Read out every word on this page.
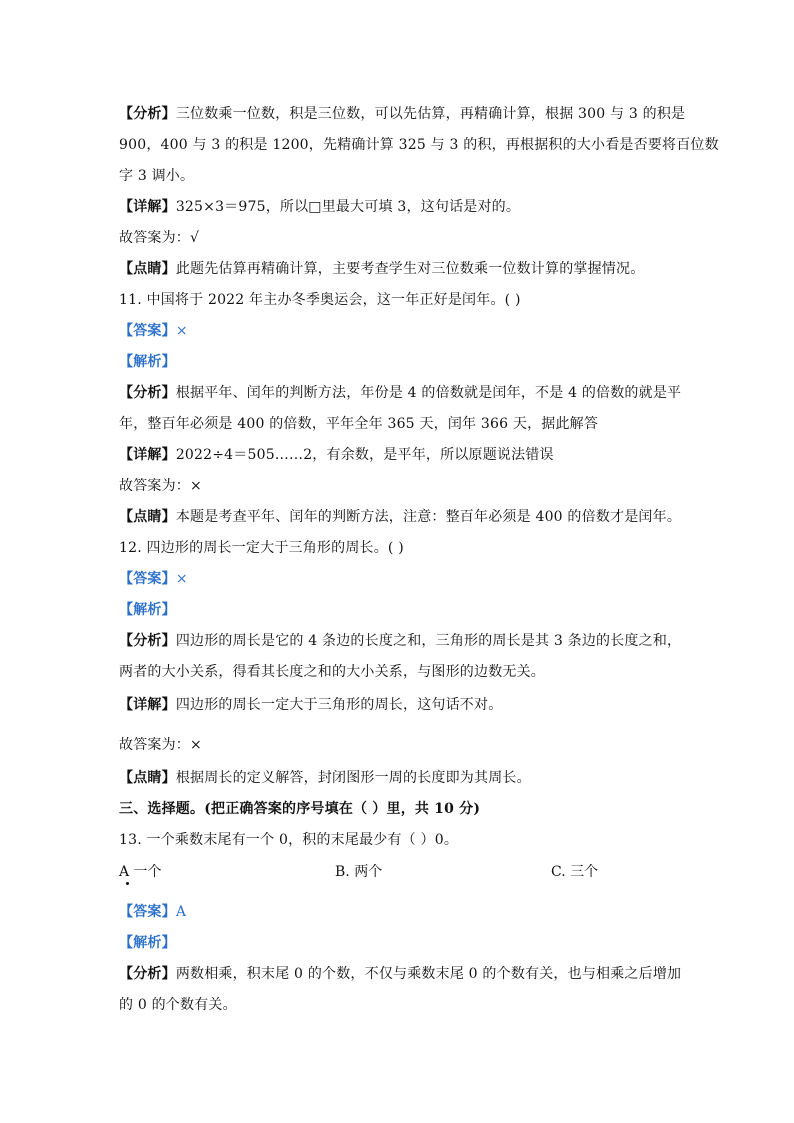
【分析】三位数乘一位数，积是三位数，可以先估算，再精确计算，根据 300 与 3 的积是
900，400 与 3 的积是 1200，先精确计算 325 与 3 的积，再根据积的大小看是否要将百位数
字 3 调小。
【详解】325×3＝975，所以□里最大可填 3，这句话是对的。
故答案为：√
【点睛】此题先估算再精确计算，主要考查学生对三位数乘一位数计算的掌握情况。
11. 中国将于 2022 年主办冬季奥运会，这一年正好是闰年。( )
【答案】×
【解析】
【分析】根据平年、闰年的判断方法，年份是 4 的倍数就是闰年，不是 4 的倍数的就是平
年，整百年必须是 400 的倍数，平年全年 365 天，闰年 366 天，据此解答
【详解】2022÷4＝505……2，有余数，是平年，所以原题说法错误
故答案为：×
【点睛】本题是考查平年、闰年的判断方法，注意：整百年必须是 400 的倍数才是闰年。
12. 四边形的周长一定大于三角形的周长。( )
【答案】×
【解析】
【分析】四边形的周长是它的 4 条边的长度之和，三角形的周长是其 3 条边的长度之和，
两者的大小关系，得看其长度之和的大小关系，与图形的边数无关。
【详解】四边形的周长一定大于三角形的周长，这句话不对。
故答案为：×
【点睛】根据周长的定义解答，封闭图形一周的长度即为其周长。
三、选择题。(把正确答案的序号填在（ ）里，共 10 分)
13. 一个乘数末尾有一个 0，积的末尾最少有（ ）0。
A 一个	B. 两个	C. 三个
【答案】A
【解析】
【分析】两数相乘，积末尾 0 的个数，不仅与乘数末尾 0 的个数有关，也与相乘之后增加
的 0 的个数有关。
